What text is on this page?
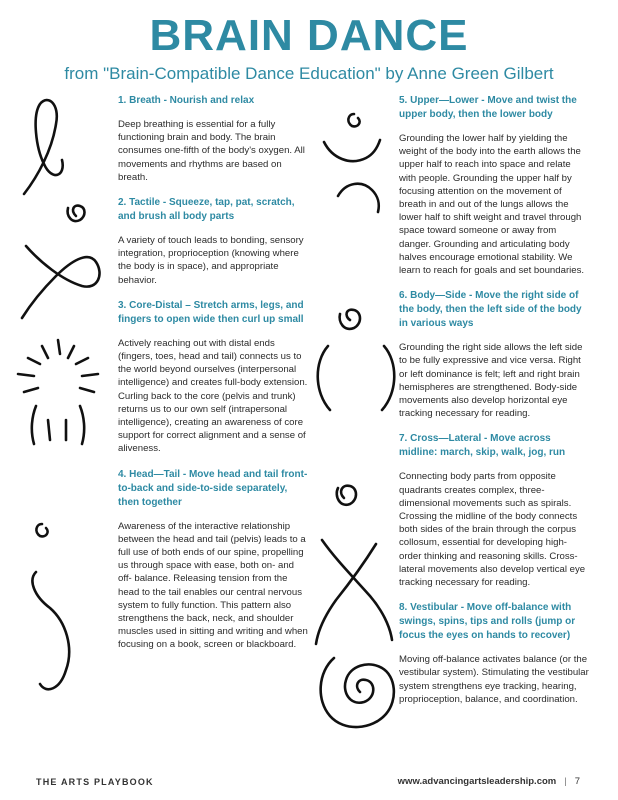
BRAIN DANCE
from "Brain-Compatible Dance Education" by Anne Green Gilbert

1. Breath - Nourish and relax

Deep breathing is essential for a fully functioning brain and body. The brain consumes one-fifth of the body's oxygen. All movements and rhythms are based on breath.

2. Tactile - Squeeze, tap, pat, scratch, and brush all body parts

A variety of touch leads to bonding, sensory integration, proprioception (knowing where the body is in space), and appropriate behavior.

3. Core-Distal – Stretch arms, legs, and fingers to open wide then curl up small

Actively reaching out with distal ends (fingers, toes, head and tail) connects us to the world beyond ourselves (interpersonal intelligence) and creates full-body extension. Curling back to the core (pelvis and trunk) returns us to our own self (intrapersonal intelligence), creating an awareness of core support for correct alignment and a sense of aliveness.

4. Head—Tail - Move head and tail front-to-back and side-to-side separately, then together

Awareness of the interactive relationship between the head and tail (pelvis) leads to a full use of both ends of our spine, propelling us through space with ease, both on- and off- balance. Releasing tension from the head to the tail enables our central nervous system to fully function. This pattern also strengthens the back, neck, and shoulder muscles used in sitting and writing and when focusing on a book, screen or blackboard.

5. Upper—Lower - Move and twist the upper body, then the lower body

Grounding the lower half by yielding the weight of the body into the earth allows the upper half to reach into space and relate with people. Grounding the upper half by focusing attention on the movement of breath in and out of the lungs allows the lower half to shift weight and travel through space toward someone or away from danger. Grounding and articulating body halves encourage emotional stability. We learn to reach for goals and set boundaries.

6. Body—Side - Move the right side of the body, then the left side of the body in various ways

Grounding the right side allows the left side to be fully expressive and vice versa. Right or left dominance is felt; left and right brain hemispheres are strengthened. Body-side movements also develop horizontal eye tracking necessary for reading.

7. Cross—Lateral - Move across midline: march, skip, walk, jog, run

Connecting body parts from opposite quadrants creates complex, three-dimensional movements such as spirals. Crossing the midline of the body connects both sides of the brain through the corpus collosum, essential for developing high-order thinking and reasoning skills. Cross-lateral movements also develop vertical eye tracking necessary for reading.

8. Vestibular - Move off-balance with swings, spins, tips and rolls (jump or focus the eyes on hands to recover)

Moving off-balance activates balance (or the vestibular system). Stimulating the vestibular system strengthens eye tracking, hearing, proprioception, balance, and coordination.

THE ARTS PLAYBOOK	www.advancingartsleadership.com | 7
